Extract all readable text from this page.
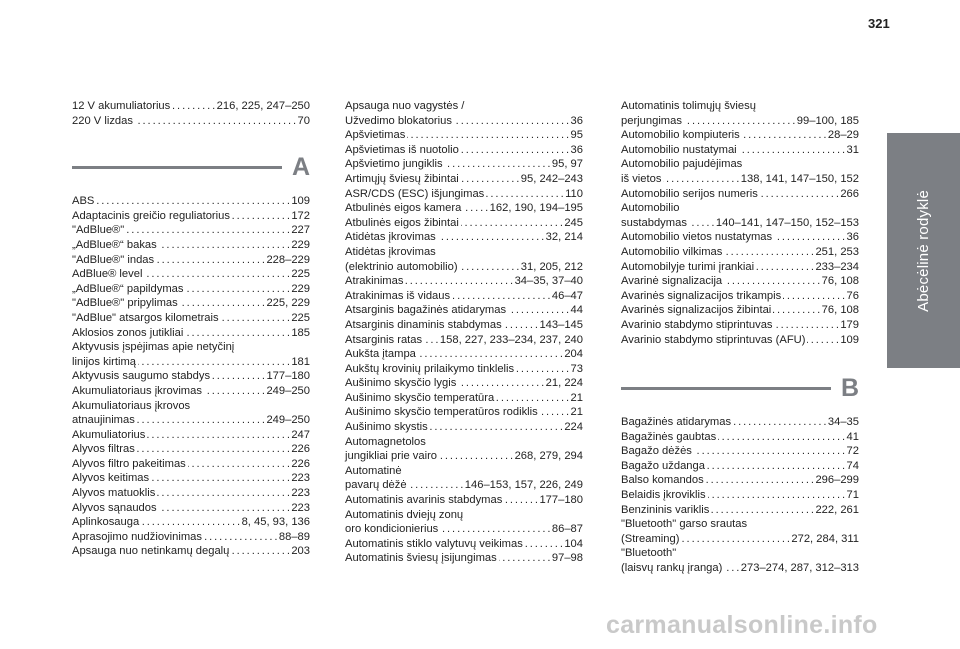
321
Abėcėlinė rodyklė
12 V akumuliatorius . . .	216, 225, 247–250
220 V lizdas . . .	70
A
ABS . . .	109
Adaptacinis greičio reguliatorius . . .	172
"AdBlue®" . . .	227
„AdBlue®“ bakas . . .	229
"AdBlue®" indas . . .	228–229
AdBlue® level . . .	225
„AdBlue®“ papildymas . . .	229
"AdBlue®" pripylimas . . .	225, 229
"AdBlue" atsargos kilometrais . . .	225
Aklosios zonos jutikliai . . .	185
Aktyvusis įspėjimas apie netyčinį
linijos kirtimą . . .	181
Aktyvusis saugumo stabdys . . .	177–180
Akumuliatoriaus įkrovimas . . .	249–250
Akumuliatoriaus įkrovos
atnaujinimas . . .	249–250
Akumuliatorius . . .	247
Alyvos filtras . . .	226
Alyvos filtro pakeitimas . . .	226
Alyvos keitimas . . .	223
Alyvos matuoklis . . .	223
Alyvos sąnaudos . . .	223
Aplinkosauga . . .	8, 45, 93, 136
Aprasojimo nudžiovinimas . . .	88–89
Apsauga nuo netinkamų degalų . . .	203
Apsauga nuo vagystės /
Užvedimo blokatorius . . .	36
Apšvietimas . . .	95
Apšvietimas iš nuotolio . . .	36
Apšvietimo jungiklis . . .	95, 97
Artimųjų šviesų žibintai . . .	95, 242–243
ASR/CDS (ESC) išjungimas . . .	110
Atbulinės eigos kamera . . .	162, 190, 194–195
Atbulinės eigos žibintai . . .	245
Atidėtas įkrovimas . . .	32, 214
Atidėtas įkrovimas
(elektrinio automobilio) . . .	31, 205, 212
Atrakinimas . . .	34–35, 37–40
Atrakinimas iš vidaus . . .	46–47
Atsarginis bagažinės atidarymas . . .	44
Atsarginis dinaminis stabdymas . . .	143–145
Atsarginis ratas . . . 158, 227, 233–234, 237, 240
Aukšta įtampa . . .	204
Aukštų krovinių prilaikymo tinklelis . . .	73
Aušinimo skysčio lygis . . .	21, 224
Aušinimo skysčio temperatūra . . .	21
Aušinimo skysčio temperatūros rodiklis . . .	21
Aušinimo skystis . . .	224
Automagnetolos
jungikliai prie vairo . . .	268, 279, 294
Automatinė
pavarų dėžė . . .	146–153, 157, 226, 249
Automatinis avarinis stabdymas . . .	177–180
Automatinis dviejų zonų
oro kondicionierius . . .	86–87
Automatinis stiklo valytuvų veikimas . . .	104
Automatinis šviesų įsijungimas . . .	97–98
Automatinis tolimųjų šviesų
perjungimas . . .	99–100, 185
Automobilio kompiuteris . . .	28–29
Automobilio nustatymai . . .	31
Automobilio pajudėjimas
iš vietos . . .	138, 141, 147–150, 152
Automobilio serijos numeris . . .	266
Automobilio
sustabdymas . . .	140–141, 147–150, 152–153
Automobilio vietos nustatymas . . .	36
Automobilio vilkimas . . .	251, 253
Automobilyje turimi įrankiai . . .	233–234
Avarinė signalizacija . . .	76, 108
Avarinės signalizacijos trikampis . . .	76
Avarinės signalizacijos žibintai . . .	76, 108
Avarinio stabdymo stiprintuvas . . .	179
Avarinio stabdymo stiprintuvas (AFU) . . .	109
B
Bagažinės atidarymas . . .	34–35
Bagažinės gaubtas . . .	41
Bagažo dėžės . . .	72
Bagažo uždanga . . .	74
Balso komandos . . .	296–299
Belaidis įkroviklis . . .	71
Benzininis variklis . . .	222, 261
"Bluetooth" garso srautas
(Streaming) . . .	272, 284, 311
"Bluetooth"
(laisvų rankų įranga) . . . 273–274, 287, 312–313
carmanualsonline.info
